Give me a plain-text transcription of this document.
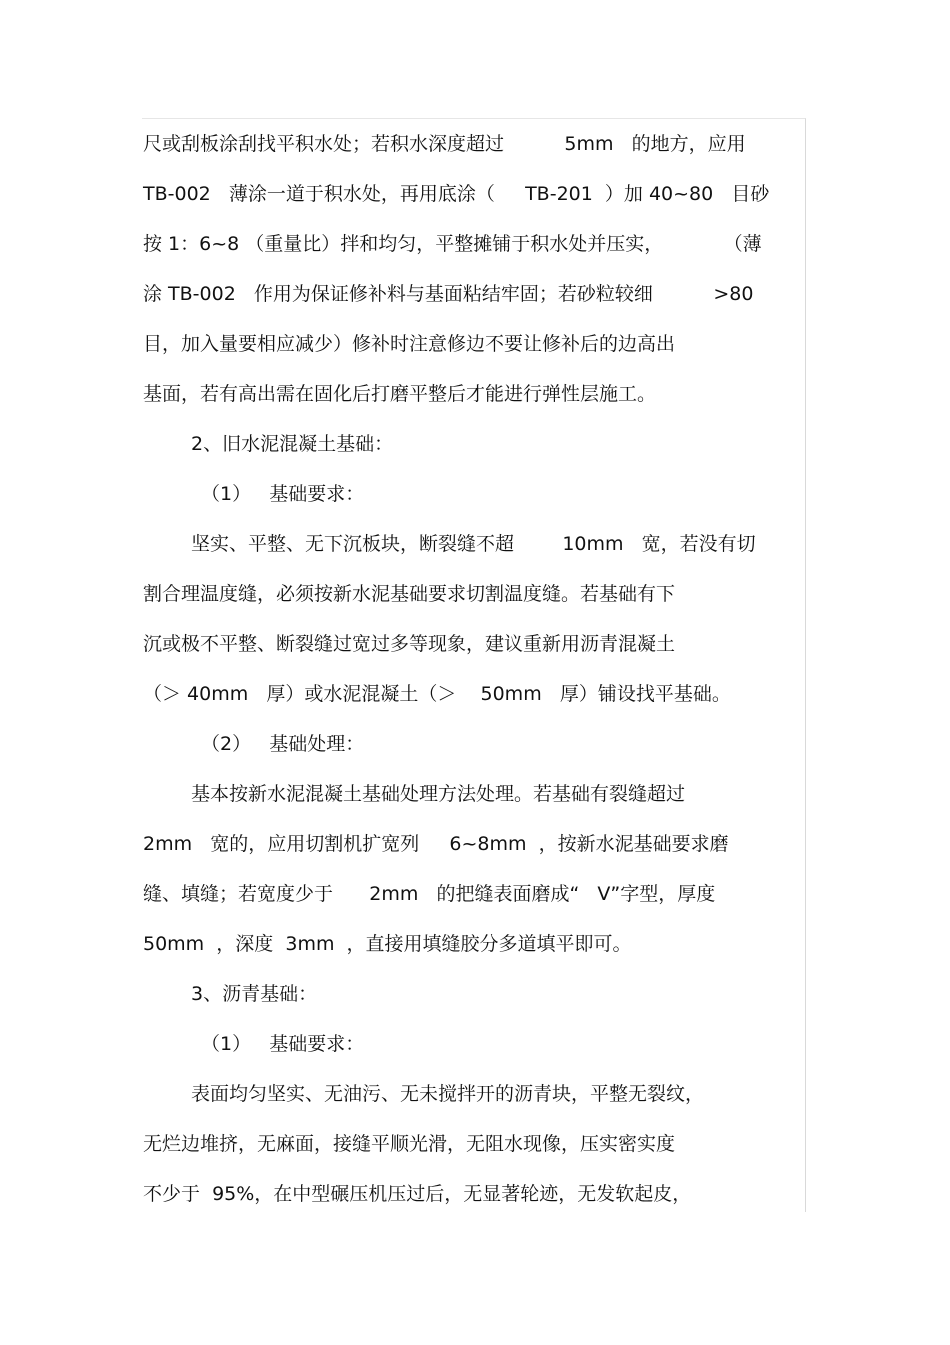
尺或刮板涂刮找平积水处；若积水深度超过          5mm   的地方，应用
TB-002   薄涂一道于积水处，再用底涂（     TB-201  ）加 40~80   目砂
按 1：6~8 （重量比）拌和均匀，平整摊铺于积水处并压实，          （薄
涂 TB-002   作用为保证修补料与基面粘结牢固；若砂粒较细          >80
目，加入量要相应减少）修补时注意修边不要让修补后的边高出
基面，若有高出需在固化后打磨平整后才能进行弹性层施工。
2、旧水泥混凝土基础：
（1）   基础要求：
坚实、平整、无下沉板块，断裂缝不超        10mm   宽，若没有切
割合理温度缝，必须按新水泥基础要求切割温度缝。若基础有下
沉或极不平整、断裂缝过宽过多等现象，建议重新用沥青混凝土
（＞ 40mm   厚）或水泥混凝土（＞    50mm   厚）铺设找平基础。
（2）   基础处理：
基本按新水泥混凝土基础处理方法处理。若基础有裂缝超过
2mm   宽的，应用切割机扩宽列     6~8mm  ，按新水泥基础要求磨
缝、填缝；若宽度少于      2mm   的把缝表面磨成“   V”字型，厚度
50mm  ，深度  3mm  ，直接用填缝胶分多道填平即可。
3、沥青基础：
（1）   基础要求：
表面均匀坚实、无油污、无未搅拌开的沥青块，平整无裂纹，
无烂边堆挤，无麻面，接缝平顺光滑，无阻水现像，压实密实度
不少于  95%，在中型碾压机压过后，无显著轮迹，无发软起皮，
